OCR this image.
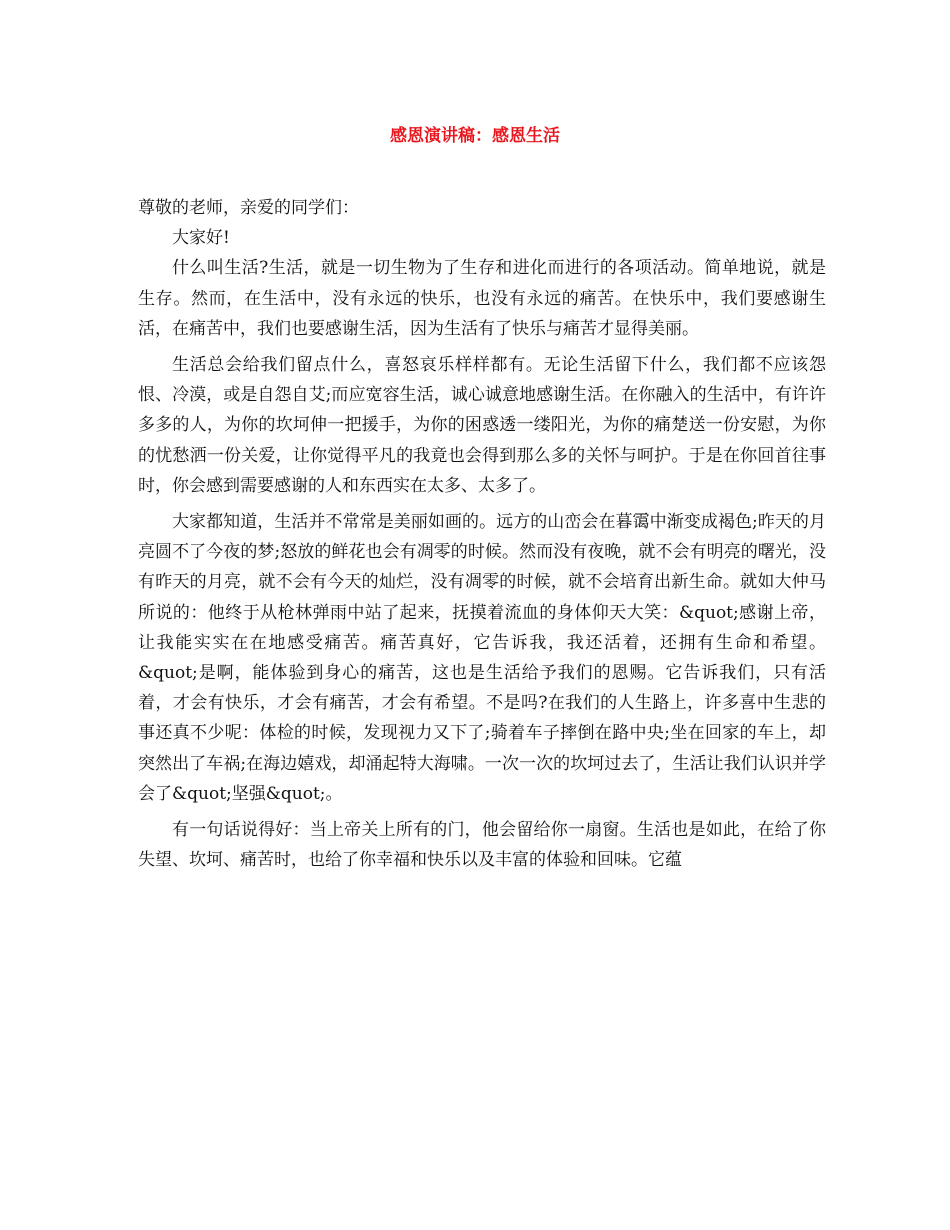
感恩演讲稿：感恩生活

尊敬的老师，亲爱的同学们：

大家好!

什么叫生活?生活，就是一切生物为了生存和进化而进行的各项活动。简单地说，就是生存。然而，在生活中，没有永远的快乐，也没有永远的痛苦。在快乐中，我们要感谢生活，在痛苦中，我们也要感谢生活，因为生活有了快乐与痛苦才显得美丽。

生活总会给我们留点什么，喜怒哀乐样样都有。无论生活留下什么，我们都不应该怨恨、冷漠，或是自怨自艾;而应宽容生活，诚心诚意地感谢生活。在你融入的生活中，有许许多多的人，为你的坎坷伸一把援手，为你的困惑透一缕阳光，为你的痛楚送一份安慰，为你的忧愁洒一份关爱，让你觉得平凡的我竟也会得到那么多的关怀与呵护。于是在你回首往事时，你会感到需要感谢的人和东西实在太多、太多了。

大家都知道，生活并不常常是美丽如画的。远方的山峦会在暮霭中渐变成褐色;昨天的月亮圆不了今夜的梦;怒放的鲜花也会有凋零的时候。然而没有夜晚，就不会有明亮的曙光，没有昨天的月亮，就不会有今天的灿烂，没有凋零的时候，就不会培育出新生命。就如大仲马所说的：他终于从枪林弹雨中站了起来，抚摸着流血的身体仰天大笑：&quot;感谢上帝，让我能实实在在地感受痛苦。痛苦真好，它告诉我，我还活着，还拥有生命和希望。&quot;是啊，能体验到身心的痛苦，这也是生活给予我们的恩赐。它告诉我们，只有活着，才会有快乐，才会有痛苦，才会有希望。不是吗?在我们的人生路上，许多喜中生悲的事还真不少呢：体检的时候，发现视力又下了;骑着车子摔倒在路中央;坐在回家的车上，却突然出了车祸;在海边嬉戏，却涌起特大海啸。一次一次的坎坷过去了，生活让我们认识并学会了&quot;坚强&quot;。

有一句话说得好：当上帝关上所有的门，他会留给你一扇窗。生活也是如此，在给了你失望、坎坷、痛苦时，也给了你幸福和快乐以及丰富的体验和回味。它蕴
